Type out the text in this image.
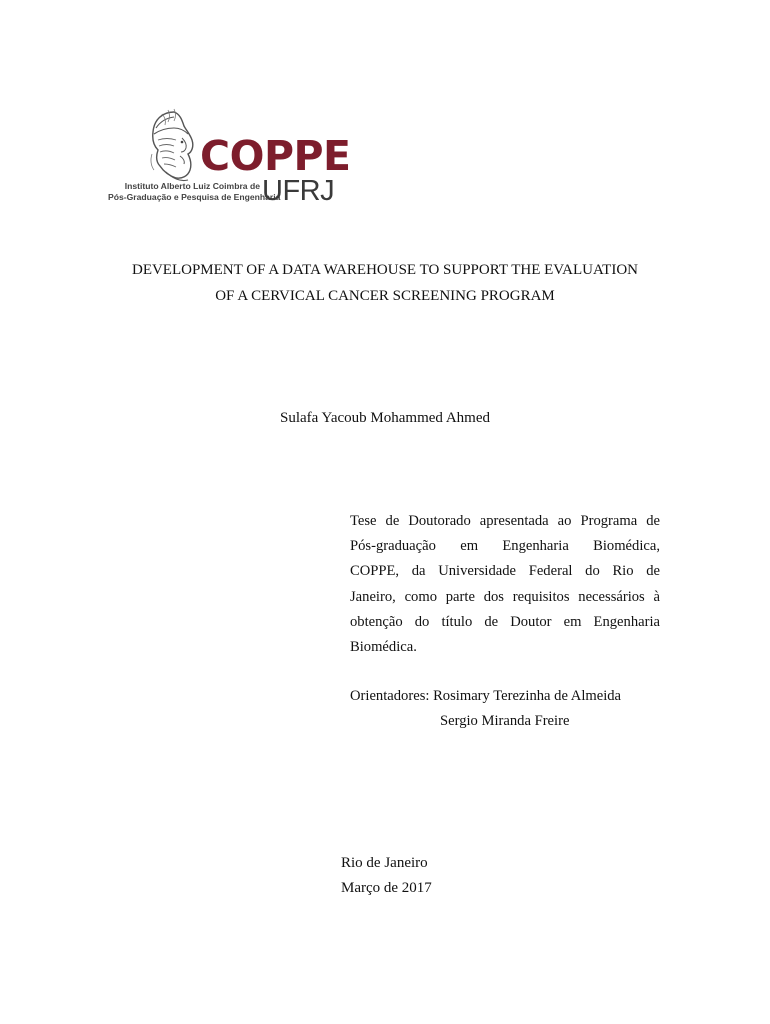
COPPE
Instituto Alberto Luiz Coimbra de
Pós-Graduação e Pesquisa de Engenharia
UFRJ
DEVELOPMENT OF A DATA WAREHOUSE TO SUPPORT THE EVALUATION
OF A CERVICAL CANCER SCREENING PROGRAM
Sulafa Yacoub Mohammed Ahmed
Tese de Doutorado apresentada ao Programa de
Pós-graduação em Engenharia Biomédica,
COPPE, da Universidade Federal do Rio de
Janeiro, como parte dos requisitos necessários à
obtenção do título de Doutor em Engenharia
Biomédica.
Orientadores: Rosimary Terezinha de Almeida
Sergio Miranda Freire
Rio de Janeiro
Março de 2017
